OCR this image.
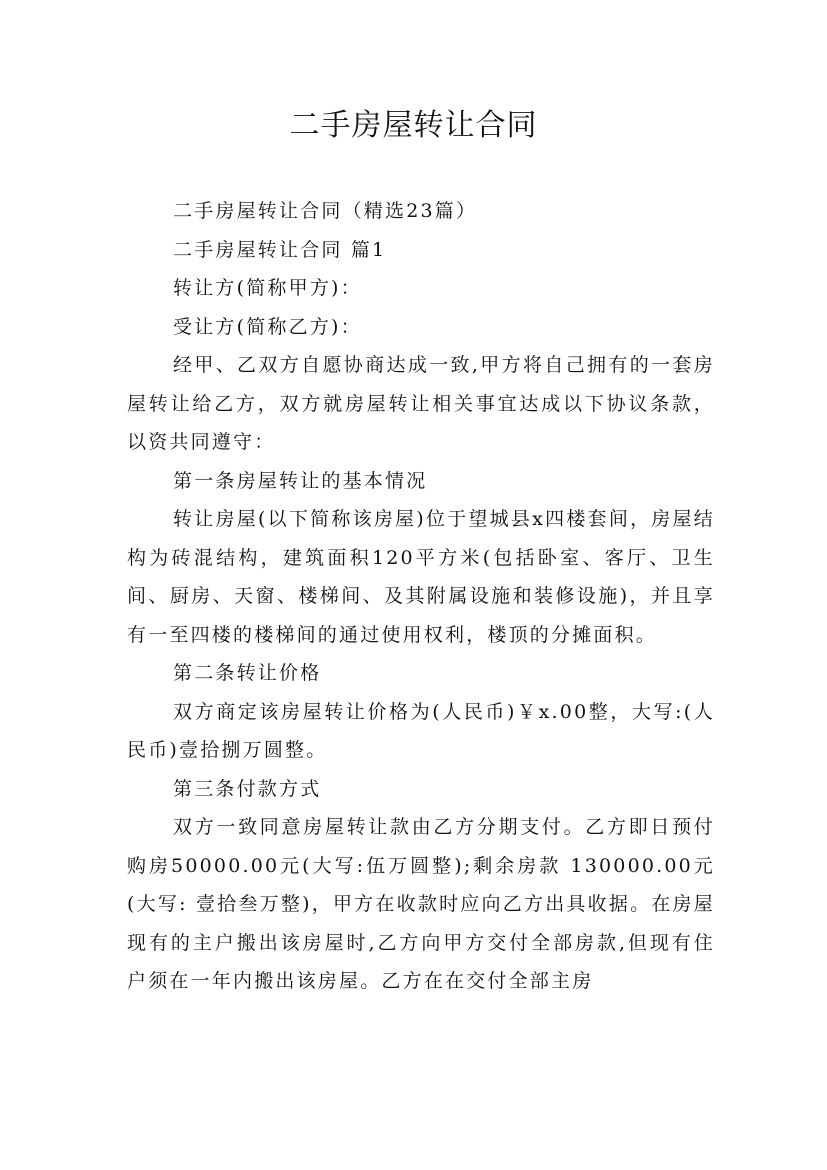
二手房屋转让合同

二手房屋转让合同（精选23篇）

二手房屋转让合同 篇1

转让方(简称甲方)：

受让方(简称乙方)：

经甲、乙双方自愿协商达成一致,甲方将自己拥有的一套房屋转让给乙方，双方就房屋转让相关事宜达成以下协议条款，以资共同遵守：

第一条房屋转让的基本情况

转让房屋(以下简称该房屋)位于望城县x四楼套间，房屋结构为砖混结构，建筑面积120平方米(包括卧室、客厅、卫生间、厨房、天窗、楼梯间、及其附属设施和装修设施)，并且享有一至四楼的楼梯间的通过使用权利，楼顶的分摊面积。

第二条转让价格

双方商定该房屋转让价格为(人民币)￥x.00整，大写:(人民币)壹拾捌万圆整。

第三条付款方式

双方一致同意房屋转让款由乙方分期支付。乙方即日预付购房50000.00元(大写:伍万圆整);剩余房款 130000.00元(大写: 壹拾叁万整)，甲方在收款时应向乙方出具收据。在房屋现有的主户搬出该房屋时,乙方向甲方交付全部房款,但现有住户须在一年内搬出该房屋。乙方在在交付全部主房
